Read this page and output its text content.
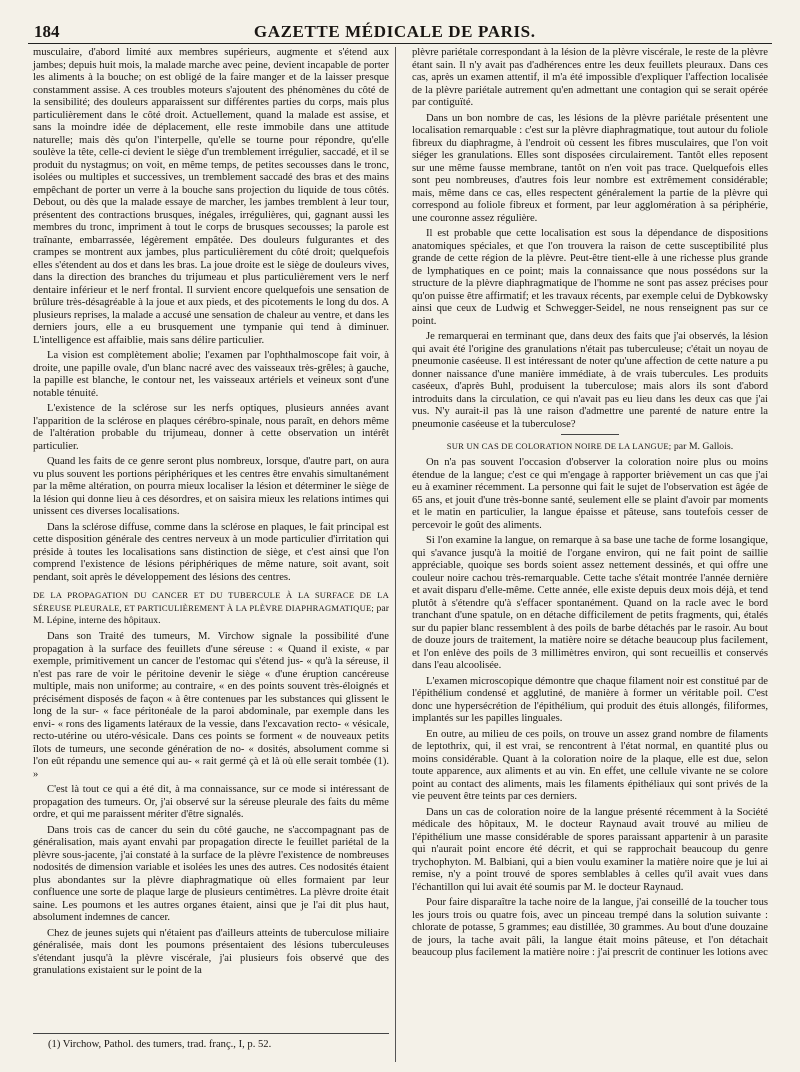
184	GAZETTE MÉDICALE DE PARIS.

musculaire, d'abord limité aux membres supérieurs, augmente et s'étend aux jambes; depuis huit mois, la malade marche avec peine, devient incapable de porter les aliments à la bouche; on est obligé de la faire manger et de la laisser presque constamment assise. A ces troubles moteurs s'ajoutent des phénomènes du côté de la sensibilité; des douleurs apparaissent sur différentes parties du corps, mais plus particulièrement dans le côté droit. Actuellement, quand la malade est assise, et sans la moindre idée de déplacement, elle reste immobile dans une attitude naturelle; mais dès qu'on l'interpelle, qu'elle se tourne pour répondre, qu'elle soulève la tête, celle-ci devient le siège d'un tremblement irrégulier, saccadé, et il se produit du nystagmus; on voit, en même temps, de petites secousses dans le tronc, isolées ou multiples et successives, un tremblement saccadé des bras et des mains empêchant de porter un verre à la bouche sans projection du liquide de tous côtés. Debout, ou dès que la malade essaye de marcher, les jambes tremblent à leur tour, présentent des contractions brusques, inégales, irrégulières, qui, gagnant aussi les membres du tronc, impriment à tout le corps de brusques secousses; la parole est traînante, embarrassée, légèrement empâtée. Des douleurs fulgurantes et des crampes se montrent aux jambes, plus particulièrement du côté droit; quelquefois elles s'étendent au dos et dans les bras. La joue droite est le siège de douleurs vives, dans la direction des branches du trijumeau et plus particulièrement vers le nerf dentaire inférieur et le nerf frontal. Il survient encore quelquefois une sensation de brûlure très-désagréable à la joue et aux pieds, et des picotements le long du dos. A plusieurs reprises, la malade a accusé une sensation de chaleur au ventre, et dans les derniers jours, elle a eu brusquement une tympanie qui tend à diminuer. L'intelligence est affaiblie, mais sans délire particulier.

La vision est complètement abolie; l'examen par l'ophthalmoscope fait voir, à droite, une papille ovale, d'un blanc nacré avec des vaisseaux très-grêles; à gauche, la papille est blanche, le contour net, les vaisseaux artériels et veineux sont d'une notable ténuité.

L'existence de la sclérose sur les nerfs optiques, plusieurs années avant l'apparition de la sclérose en plaques cérébro-spinale, nous paraît, en dehors même de l'altération probable du trijumeau, donner à cette observation un intérêt particulier.

Quand les faits de ce genre seront plus nombreux, lorsque, d'autre part, on aura vu plus souvent les portions périphériques et les centres être envahis simultanément par la même altération, on pourra mieux localiser la lésion et déterminer le siège de la lésion qui donne lieu à ces désordres, et on saisira mieux les relations intimes qui unissent ces diverses localisations.

Dans la sclérose diffuse, comme dans la sclérose en plaques, le fait principal est cette disposition générale des centres nerveux à un mode particulier d'irritation qui préside à toutes les localisations sans distinction de siège, et c'est ainsi que l'on comprend l'existence de lésions périphériques de même nature, soit avant, soit pendant, soit après le développement des lésions des centres.

DE LA PROPAGATION DU CANCER ET DU TUBERCULE À LA SURFACE DE LA SÉREUSE PLEURALE, ET PARTICULIÈREMENT À LA PLÈVRE DIAPHRAGMATIQUE; par M. Lépine, interne des hôpitaux.

Dans son Traité des tumeurs, M. Virchow signale la possibilité d'une propagation à la surface des feuillets d'une séreuse : « Quand il existe, « par exemple, primitivement un cancer de l'estomac qui s'étend jus- « qu'à la séreuse, il n'est pas rare de voir le péritoine devenir le siège « d'une éruption cancéreuse multiple, mais non uniforme; au contraire, « en des points souvent très-éloignés et précisément disposés de façon « à être contenues par les substances qui glissent le long de la sur- « face péritonéale de la paroi abdominale, par exemple dans les envi- « rons des ligaments latéraux de la vessie, dans l'excavation recto- « vésicale, recto-utérine ou utéro-vésicale. Dans ces points se forment « de nouveaux petits îlots de tumeurs, une seconde génération de no- « dosités, absolument comme si l'on eût répandu une semence qui au- « rait germé çà et là où elle serait tombée (1). »

C'est là tout ce qui a été dit, à ma connaissance, sur ce mode si intéressant de propagation des tumeurs. Or, j'ai observé sur la séreuse pleurale des faits du même ordre, et qui me paraissent mériter d'être signalés.

Dans trois cas de cancer du sein du côté gauche, ne s'accompagnant pas de généralisation, mais ayant envahi par propagation directe le feuillet pariétal de la plèvre sous-jacente, j'ai constaté à la surface de la plèvre l'existence de nombreuses nodosités de dimension variable et isolées les unes des autres. Ces nodosités étaient plus abondantes sur la plèvre diaphragmatique où elles formaient par leur confluence une sorte de plaque large de plusieurs centimètres. La plèvre droite était saine. Les poumons et les autres organes étaient, ainsi que je l'ai dit plus haut, absolument indemnes de cancer.

Chez de jeunes sujets qui n'étaient pas d'ailleurs atteints de tuberculose miliaire généralisée, mais dont les poumons présentaient des lésions tuberculeuses s'étendant jusqu'à la plèvre viscérale, j'ai plusieurs fois observé que des granulations existaient sur le point de la

plèvre pariétale correspondant à la lésion de la plèvre viscérale, le reste de la plèvre étant sain. Il n'y avait pas d'adhérences entre les deux feuillets pleuraux. Dans ces cas, après un examen attentif, il m'a été impossible d'expliquer l'affection localisée de la plèvre pariétale autrement qu'en admettant une contagion qui se serait opérée par contiguïté.

Dans un bon nombre de cas, les lésions de la plèvre pariétale présentent une localisation remarquable : c'est sur la plèvre diaphragmatique, tout autour du foliole fibreux du diaphragme, à l'endroit où cessent les fibres musculaires, que l'on voit siéger les granulations. Elles sont disposées circulairement. Tantôt elles reposent sur une même fausse membrane, tantôt on n'en voit pas trace. Quelquefois elles sont peu nombreuses, d'autres fois leur nombre est extrêmement considérable; mais, même dans ce cas, elles respectent généralement la partie de la plèvre qui correspond au foliole fibreux et forment, par leur agglomération à sa périphérie, une couronne assez régulière.

Il est probable que cette localisation est sous la dépendance de dispositions anatomiques spéciales, et que l'on trouvera la raison de cette susceptibilité plus grande de cette région de la plèvre. Peut-être tient-elle à une richesse plus grande de lymphatiques en ce point; mais la connaissance que nous possédons sur la structure de la plèvre diaphragmatique de l'homme ne sont pas assez précises pour qu'on puisse être affirmatif; et les travaux récents, par exemple celui de Dybkowsky ainsi que ceux de Ludwig et Schwegger-Seidel, ne nous renseignent pas sur ce point.

Je remarquerai en terminant que, dans deux des faits que j'ai observés, la lésion qui avait été l'origine des granulations n'était pas tuberculeuse; c'était un noyau de pneumonie caséeuse. Il est intéressant de noter qu'une affection de cette nature a pu donner naissance d'une manière immédiate, à de vrais tubercules. Les produits caséeux, d'après Buhl, produisent la tuberculose; mais alors ils sont d'abord introduits dans la circulation, ce qui n'avait pas eu lieu dans les deux cas que j'ai vus. N'y aurait-il pas là une raison d'admettre une parenté de nature entre la pneumonie caséeuse et la tuberculose?

SUR UN CAS DE COLORATION NOIRE DE LA LANGUE; par M. Gallois.

On n'a pas souvent l'occasion d'observer la coloration noire plus ou moins étendue de la langue; c'est ce qui m'engage à rapporter brièvement un cas que j'ai eu à examiner récemment. La personne qui fait le sujet de l'observation est âgée de 65 ans, et jouit d'une très-bonne santé, seulement elle se plaint d'avoir par moments et le matin en particulier, la langue épaisse et pâteuse, sans toutefois cesser de percevoir le goût des aliments.

Si l'on examine la langue, on remarque à sa base une tache de forme losangique, qui s'avance jusqu'à la moitié de l'organe environ, qui ne fait point de saillie appréciable, quoique ses bords soient assez nettement dessinés, et qui offre une couleur noire cachou très-remarquable. Cette tache s'était montrée l'année dernière et avait disparu d'elle-même. Cette année, elle existe depuis deux mois déjà, et tend plutôt à s'étendre qu'à s'effacer spontanément. Quand on la racle avec le bord tranchant d'une spatule, on en détache difficilement de petits fragments, qui, étalés sur du papier blanc ressemblent à des poils de barbe détachés par le rasoir. Au bout de douze jours de traitement, la matière noire se détache beaucoup plus facilement, et l'on enlève des poils de 3 millimètres environ, qui sont recueillis et conservés dans l'eau alcoolisée.

L'examen microscopique démontre que chaque filament noir est constitué par de l'épithélium condensé et agglutiné, de manière à former un véritable poil. C'est donc une hypersécrétion de l'épithélium, qui produit des étuis allongés, filiformes, implantés sur les papilles linguales.

En outre, au milieu de ces poils, on trouve un assez grand nombre de filaments de leptothrix, qui, il est vrai, se rencontrent à l'état normal, en quantité plus ou moins considérable. Quant à la coloration noire de la plaque, elle est due, selon toute apparence, aux aliments et au vin. En effet, une cellule vivante ne se colore point au contact des aliments, mais les filaments épithéliaux qui sont privés de la vie peuvent être teints par ces derniers.

Dans un cas de coloration noire de la langue présenté récemment à la Société médicale des hôpitaux, M. le docteur Raynaud avait trouvé au milieu de l'épithélium une masse considérable de spores paraissant appartenir à un parasite qui n'aurait point encore été décrit, et qui se rapprochait beaucoup du genre trychophyton. M. Balbiani, qui a bien voulu examiner la matière noire que je lui ai remise, n'y a point trouvé de spores semblables à celles qu'il avait vues dans l'échantillon qui lui avait été soumis par M. le docteur Raynaud.

Pour faire disparaître la tache noire de la langue, j'ai conseillé de la toucher tous les jours trois ou quatre fois, avec un pinceau trempé dans la solution suivante : chlorate de potasse, 5 grammes; eau distillée, 30 grammes. Au bout d'une douzaine de jours, la tache avait pâli, la langue était moins pâteuse, et l'on détachait beaucoup plus facilement la matière noire : j'ai prescrit de continuer les lotions avec

(1) Virchow, Pathol. des tumers, trad. franç., I, p. 52.
